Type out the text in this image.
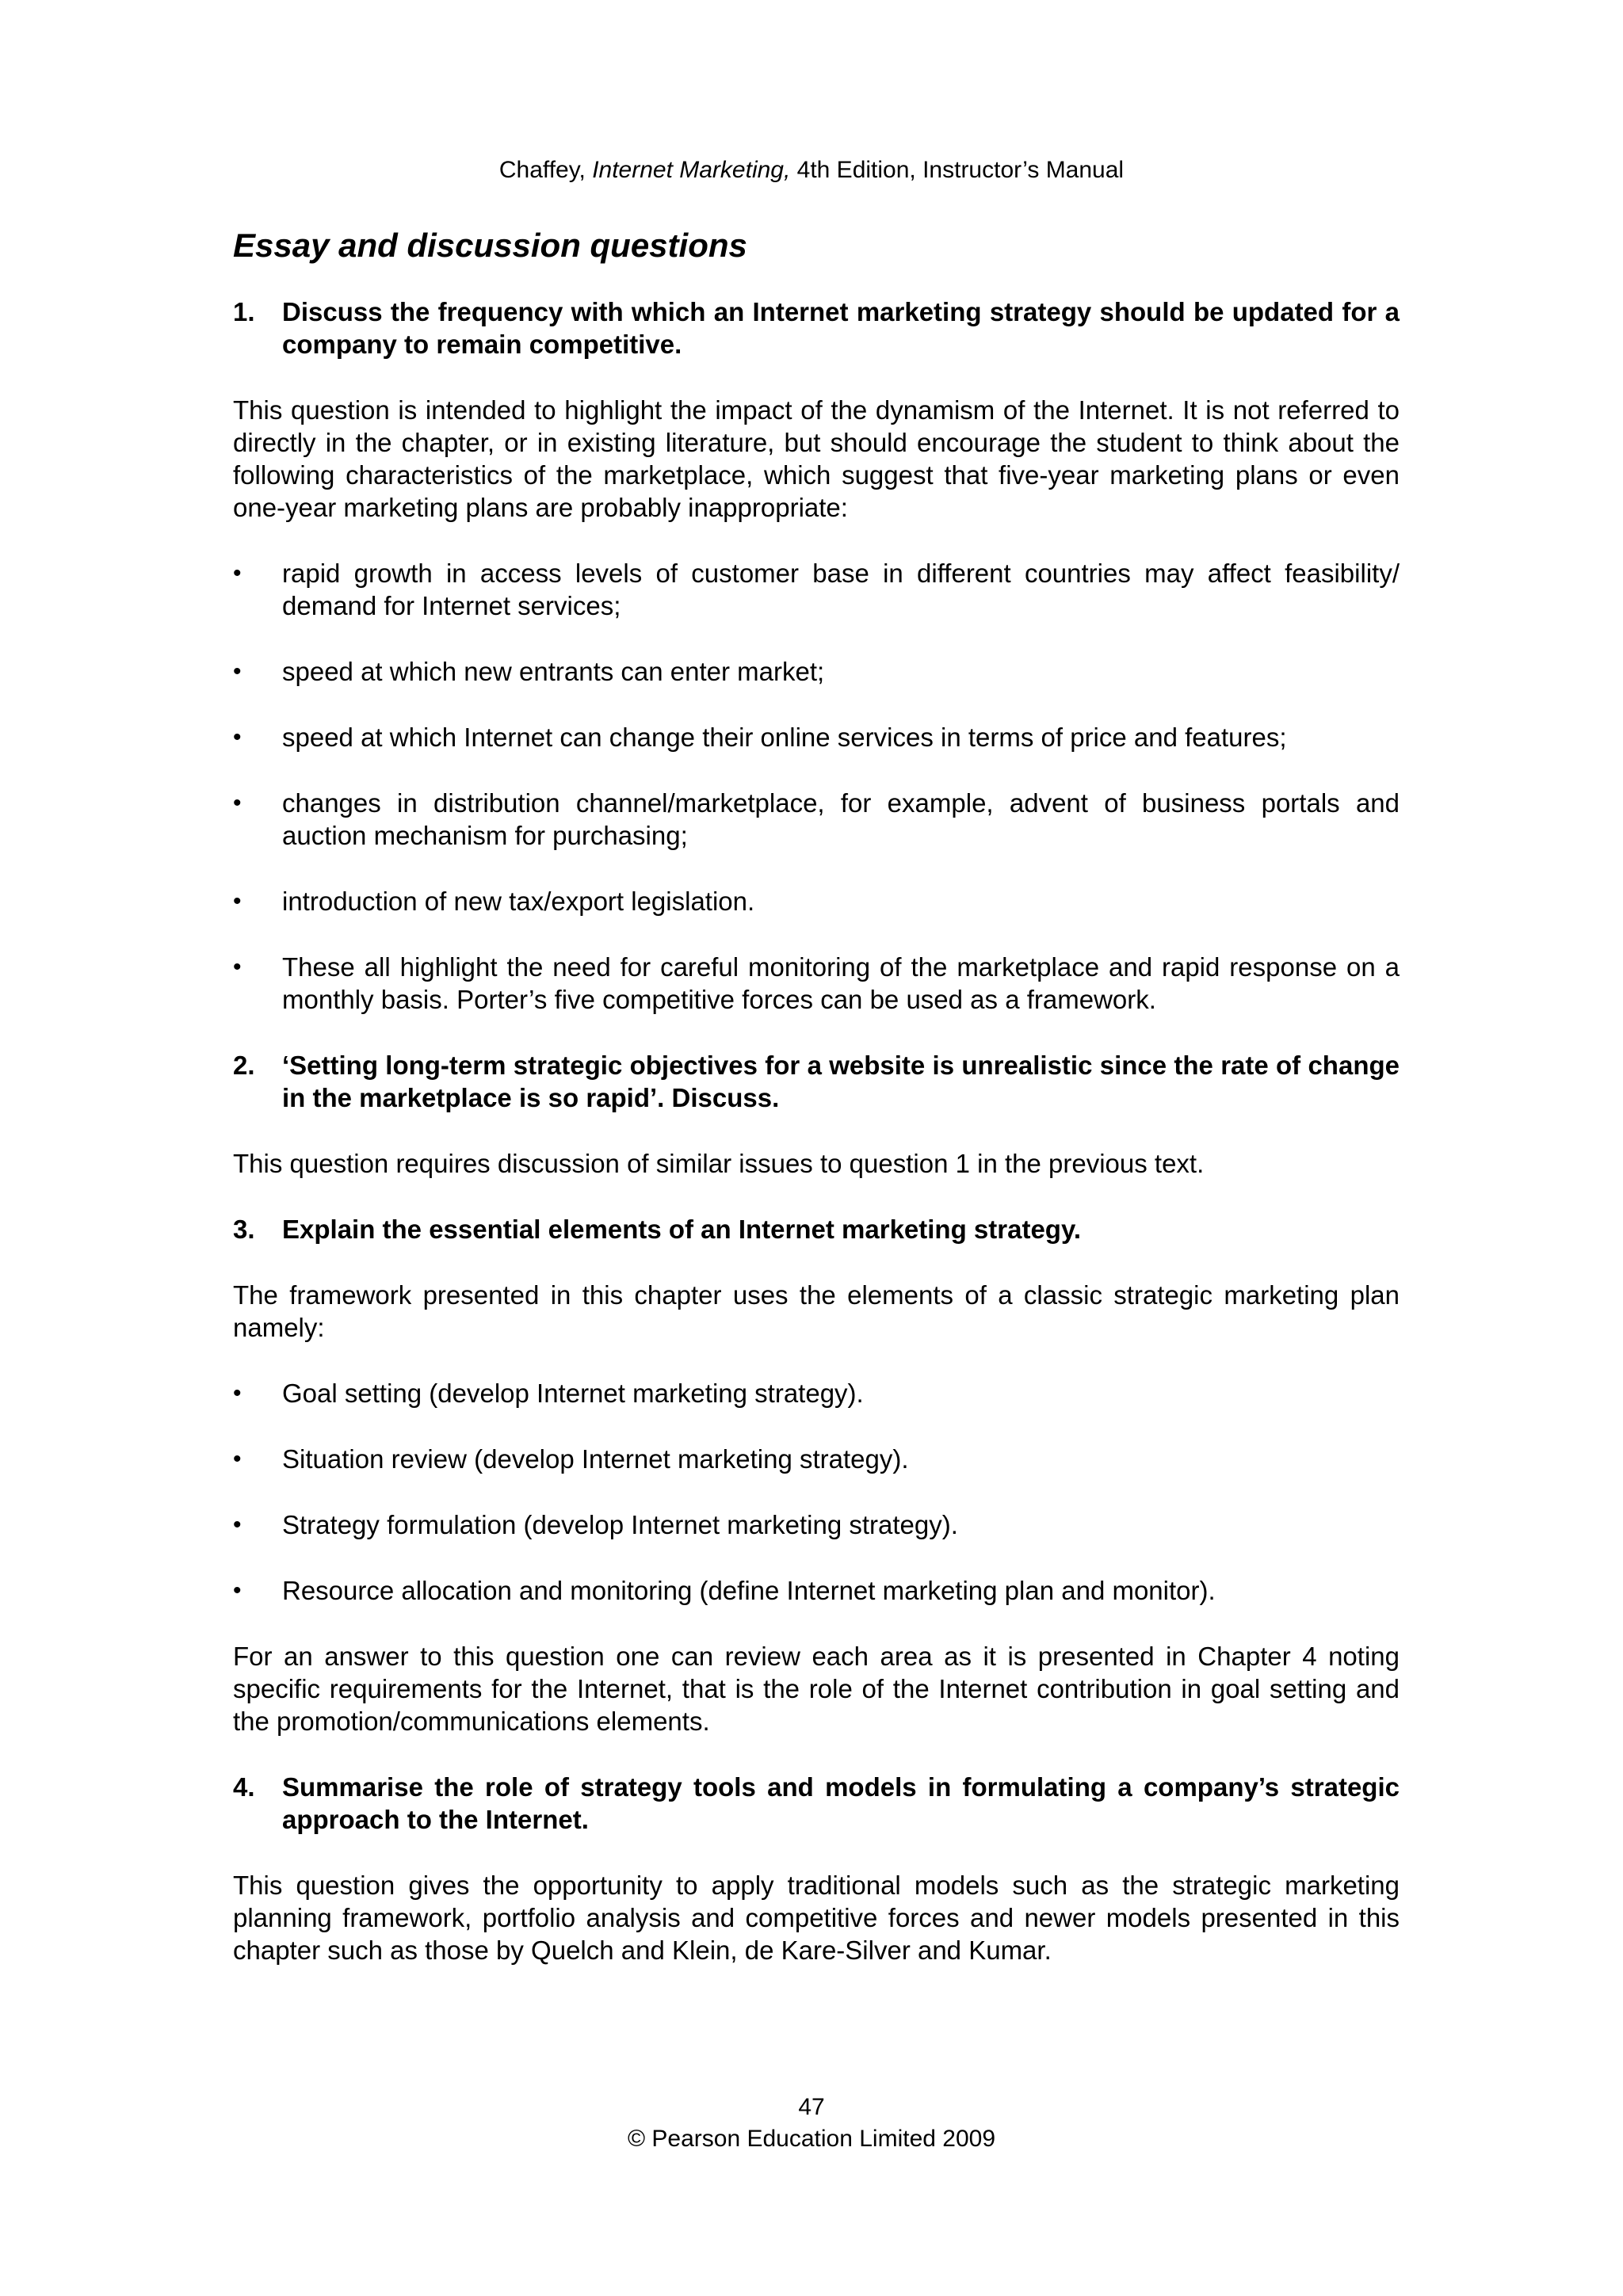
Chaffey, Internet Marketing, 4th Edition, Instructor’s Manual
Essay and discussion questions
1.	Discuss the frequency with which an Internet marketing strategy should be updated for a company to remain competitive.

This question is intended to highlight the impact of the dynamism of the Internet. It is not referred to directly in the chapter, or in existing literature, but should encourage the student to think about the following characteristics of the marketplace, which suggest that five-year marketing plans or even one-year marketing plans are probably inappropriate:

•	rapid growth in access levels of customer base in different countries may affect feasibility/ demand for Internet services;
•	speed at which new entrants can enter market;
•	speed at which Internet can change their online services in terms of price and features;
•	changes in distribution channel/marketplace, for example, advent of business portals and auction mechanism for purchasing;
•	introduction of new tax/export legislation.
•	These all highlight the need for careful monitoring of the marketplace and rapid response on a monthly basis. Porter’s five competitive forces can be used as a framework.
2.	‘Setting long-term strategic objectives for a website is unrealistic since the rate of change in the marketplace is so rapid’. Discuss.

This question requires discussion of similar issues to question 1 in the previous text.

3.	Explain the essential elements of an Internet marketing strategy.

The framework presented in this chapter uses the elements of a classic strategic marketing plan namely:

•	Goal setting (develop Internet marketing strategy).
•	Situation review (develop Internet marketing strategy).
•	Strategy formulation (develop Internet marketing strategy).
•	Resource allocation and monitoring (define Internet marketing plan and monitor).

For an answer to this question one can review each area as it is presented in Chapter 4 noting specific requirements for the Internet, that is the role of the Internet contribution in goal setting and the promotion/communications elements.

4.	Summarise the role of strategy tools and models in formulating a company’s strategic approach to the Internet.

This question gives the opportunity to apply traditional models such as the strategic marketing planning framework, portfolio analysis and competitive forces and newer models presented in this chapter such as those by Quelch and Klein, de Kare-Silver and Kumar.

47
© Pearson Education Limited 2009
